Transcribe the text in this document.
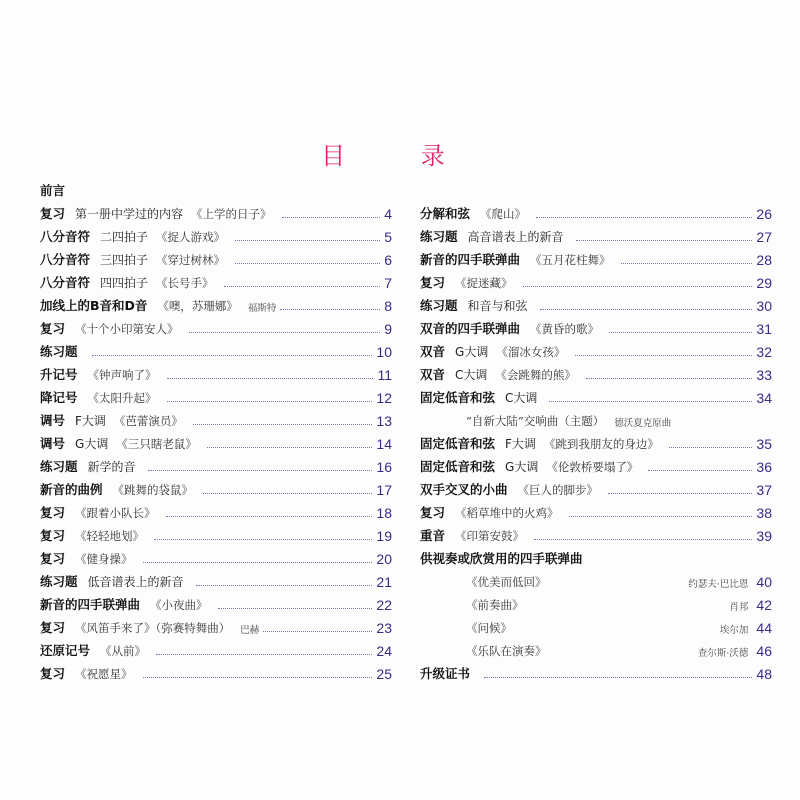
目 录
前言
复习 第一册中学过的内容 《上学的日子》	4
八分音符 二四拍子 《捉人游戏》	5
八分音符 三四拍子 《穿过树林》	6
八分音符 四四拍子 《长号手》	7
加线上的B音和D音 《噢，苏珊娜》 福斯特	8
复习 《十个小印第安人》	9
练习题	10
升记号 《钟声响了》	11
降记号 《太阳升起》	12
调号 F大调 《芭蕾演员》	13
调号 G大调 《三只瞎老鼠》	14
练习题 新学的音	16
新音的曲例 《跳舞的袋鼠》	17
复习 《跟着小队长》	18
复习 《轻轻地划》	19
复习 《健身操》	20
练习题 低音谱表上的新音	21
新音的四手联弹曲 《小夜曲》	22
复习 《风笛手来了》（弥赛特舞曲） 巴赫	23
还原记号 《从前》	24
复习 《祝愿星》	25
分解和弦 《爬山》	26
练习题 高音谱表上的新音	27
新音的四手联弹曲 《五月花柱舞》	28
复习 《捉迷藏》	29
练习题 和音与和弦	30
双音的四手联弹曲 《黄昏的歌》	31
双音 G大调 《溜冰女孩》	32
双音 C大调 《会跳舞的熊》	33
固定低音和弦 C大调	34
“自新大陆”交响曲（主题） 德沃夏克原曲
固定低音和弦 F大调 《跳到我朋友的身边》	35
固定低音和弦 G大调 《伦敦桥要塌了》	36
双手交叉的小曲 《巨人的脚步》	37
复习 《稻草堆中的火鸡》	38
重音 《印第安鼓》	39
供视奏或欣赏用的四手联弹曲
《优美而低回》	约瑟夫·巴比恩 40
《前奏曲》	肖邦 42
《问候》	埃尔加 44
《乐队在演奏》	查尔斯·沃德 46
升级证书	48
